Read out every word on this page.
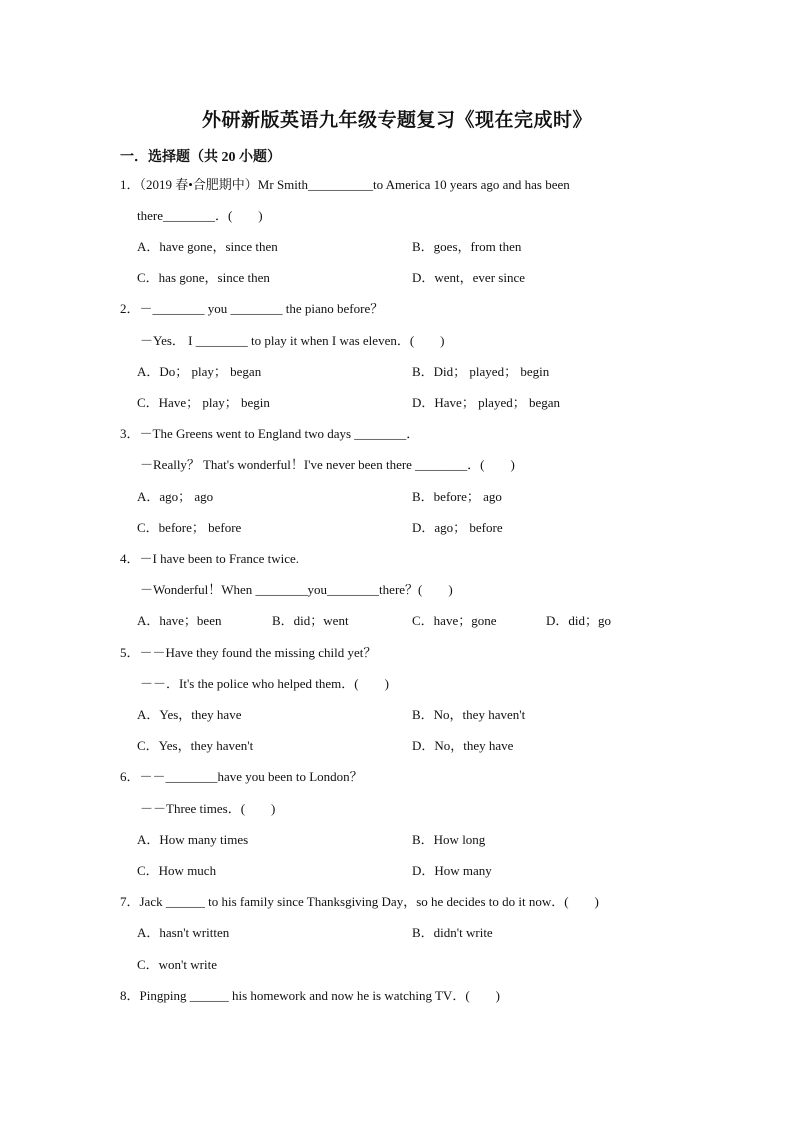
外研新版英语九年级专题复习《现在完成时》
一．选择题（共 20 小题）
1．（2019 春•合肥期中）Mr Smith__________to America 10 years ago and has been
there________．(　　)
A．have gone，since then	B．goes，from then
C．has gone，since then	D．went，ever since
2．－________ you ________ the piano before？
－Yes． I ________ to play it when I was eleven．(　　)
A．Do； play； began	B．Did； played； begin
C．Have； play； begin	D．Have； played； began
3．－The Greens went to England two days ________．
－Really？ That's wonderful！I've never been there ________．(　　)
A．ago； ago	B．before； ago
C．before； before	D．ago； before
4．－I have been to France twice.
－Wonderful！When ________you________there？(　　)
A．have；been	B．did；went	C．have；gone	D．did；go
5．－－Have they found the missing child yet？
－－．It's the police who helped them．(　　)
A．Yes，they have	B．No，they haven't
C．Yes，they haven't	D．No，they have
6．－－________have you been to London？
－－Three times．(　　)
A．How many times	B．How long
C．How much	D．How many
7．Jack ______ to his family since Thanksgiving Day，so he decides to do it now．(　　)
A．hasn't written	B．didn't write
C．won't write
8．Pingping ______ his homework and now he is watching TV．(　　)
